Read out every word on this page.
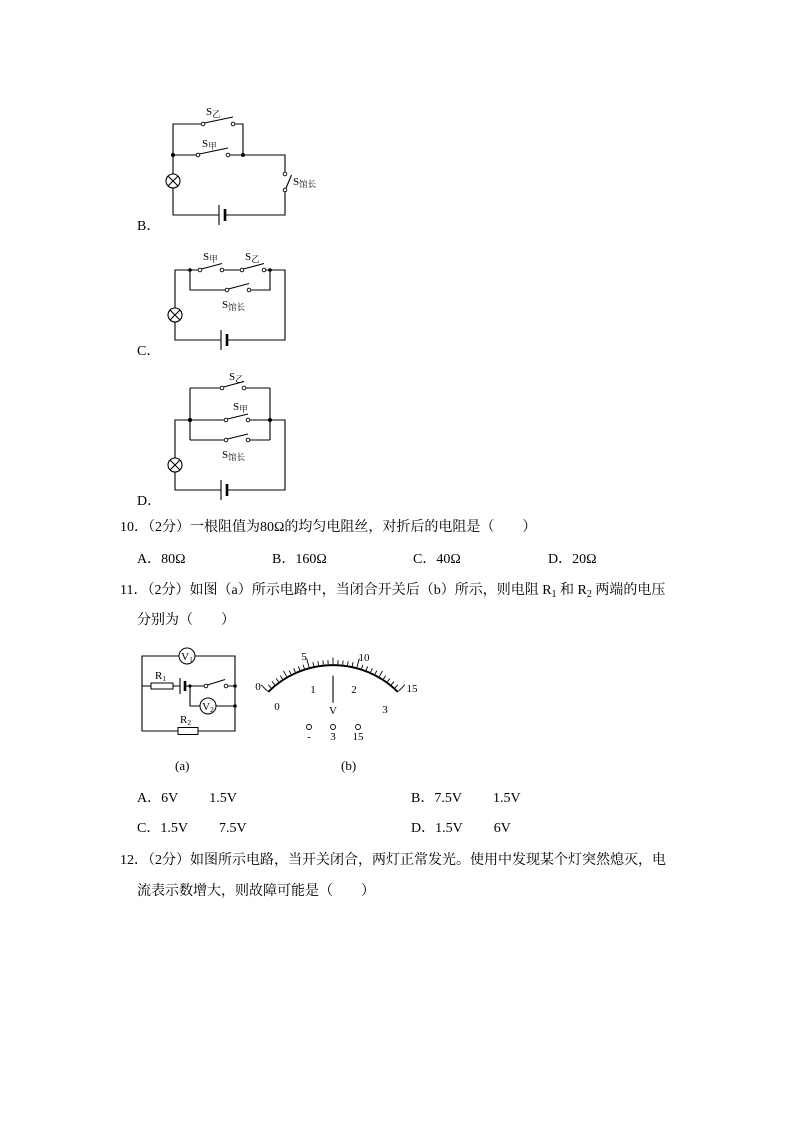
S乙
S甲
S馆长
B．
S甲 S乙
S馆长
C．
S乙
S甲
S馆长
D．
10．（2分）一根阻值为80Ω的均匀电阻丝，对折后的电阻是（　　）
A．80Ω	B．160Ω	C．40Ω	D．20Ω
11．（2分）如图（a）所示电路中，当闭合开关后（b）所示，则电阻 $R_1$ 和 $R_2$ 两端的电压
分别为（　　）
V1
V2
R1
R2
(a)
0
5	10
15
0
1	2
3
V
- 3 15
(b)
A．6V 1.5V	B．7.5V 1.5V
C．1.5V 7.5V	D．1.5V 6V
12．（2分）如图所示电路，当开关闭合，两灯正常发光。使用中发现某个灯突然熄灭，电
流表示数增大，则故障可能是（　　）
